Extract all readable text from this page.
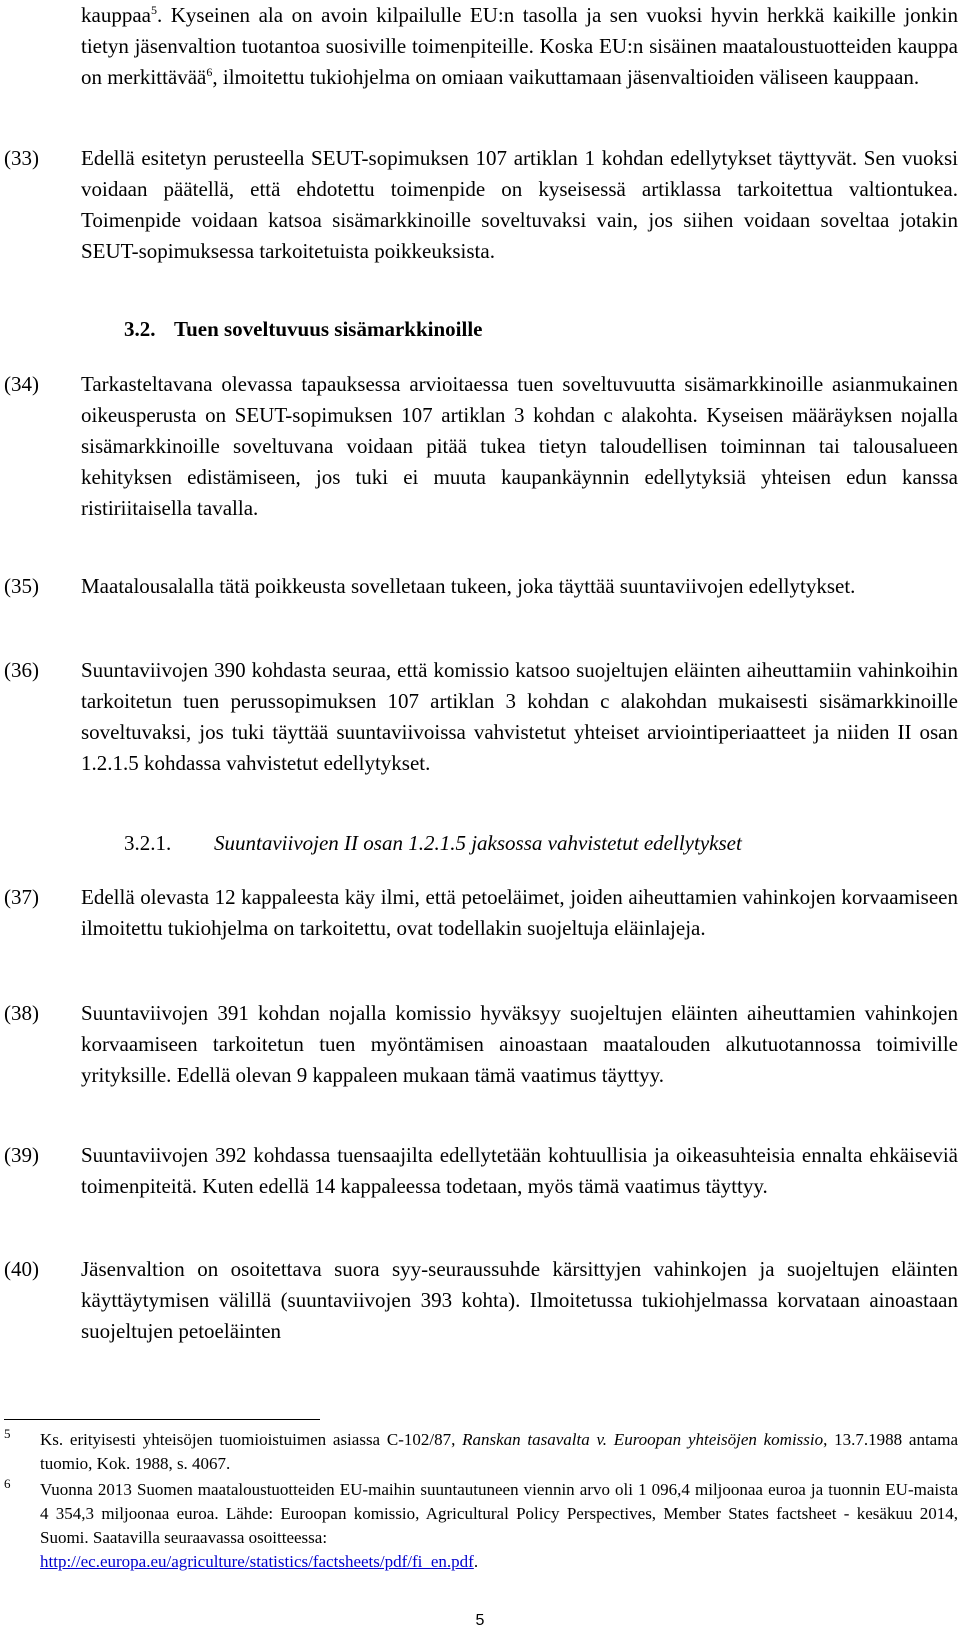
kauppaa$^5$. Kyseinen ala on avoin kilpailulle EU:n tasolla ja sen vuoksi hyvin herkkä kaikille jonkin tietyn jäsenvaltion tuotantoa suosiville toimenpiteille. Koska EU:n sisäinen maataloustuotteiden kauppa on merkittävää$^6$, ilmoitettu tukiohjelma on omiaan vaikuttamaan jäsenvaltioiden väliseen kauppaan.
(33) Edellä esitetyn perusteella SEUT-sopimuksen 107 artiklan 1 kohdan edellytykset täyttyvät. Sen vuoksi voidaan päätellä, että ehdotettu toimenpide on kyseisessä artiklassa tarkoitettua valtiontukea. Toimenpide voidaan katsoa sisämarkkinoille soveltuvaksi vain, jos siihen voidaan soveltaa jotakin SEUT-sopimuksessa tarkoitetuista poikkeuksista.
3.2. Tuen soveltuvuus sisämarkkinoille
(34) Tarkasteltavana olevassa tapauksessa arvioitaessa tuen soveltuvuutta sisämarkkinoille asianmukainen oikeusperusta on SEUT-sopimuksen 107 artiklan 3 kohdan c alakohta. Kyseisen määräyksen nojalla sisämarkkinoille soveltuvana voidaan pitää tukea tietyn taloudellisen toiminnan tai talousalueen kehityksen edistämiseen, jos tuki ei muuta kaupankäynnin edellytyksiä yhteisen edun kanssa ristiriitaisella tavalla.
(35) Maatalousalalla tätä poikkeusta sovelletaan tukeen, joka täyttää suuntaviivojen edellytykset.
(36) Suuntaviivojen 390 kohdasta seuraa, että komissio katsoo suojeltujen eläinten aiheuttamiin vahinkoihin tarkoitetun tuen perussopimuksen 107 artiklan 3 kohdan c alakohdan mukaisesti sisämarkkinoille soveltuvaksi, jos tuki täyttää suuntaviivoissa vahvistetut yhteiset arviointiperiaatteet ja niiden II osan 1.2.1.5 kohdassa vahvistetut edellytykset.
3.2.1. Suuntaviivojen II osan 1.2.1.5 jaksossa vahvistetut edellytykset
(37) Edellä olevasta 12 kappaleesta käy ilmi, että petoeläimet, joiden aiheuttamien vahinkojen korvaamiseen ilmoitettu tukiohjelma on tarkoitettu, ovat todellakin suojeltuja eläinlajeja.
(38) Suuntaviivojen 391 kohdan nojalla komissio hyväksyy suojeltujen eläinten aiheuttamien vahinkojen korvaamiseen tarkoitetun tuen myöntämisen ainoastaan maatalouden alkutuotannossa toimiville yrityksille. Edellä olevan 9 kappaleen mukaan tämä vaatimus täyttyy.
(39) Suuntaviivojen 392 kohdassa tuensaajilta edellytetään kohtuullisia ja oikeasuhteisia ennalta ehkäiseviä toimenpiteitä. Kuten edellä 14 kappaleessa todetaan, myös tämä vaatimus täyttyy.
(40) Jäsenvaltion on osoitettava suora syy-seuraussuhde kärsittyjen vahinkojen ja suojeltujen eläinten käyttäytymisen välillä (suuntaviivojen 393 kohta). Ilmoitetussa tukiohjelmassa korvataan ainoastaan suojeltujen petoeläinten
5 Ks. erityisesti yhteisöjen tuomioistuimen asiassa C-102/87, Ranskan tasavalta v. Euroopan yhteisöjen komissio, 13.7.1988 antama tuomio, Kok. 1988, s. 4067.
6 Vuonna 2013 Suomen maataloustuotteiden EU-maihin suuntautuneen viennin arvo oli 1 096,4 miljoonaa euroa ja tuonnin EU-maista 4 354,3 miljoonaa euroa. Lähde: Euroopan komissio, Agricultural Policy Perspectives, Member States factsheet - kesäkuu 2014, Suomi. Saatavilla seuraavassa osoitteessa:
http://ec.europa.eu/agriculture/statistics/factsheets/pdf/fi_en.pdf.
5
